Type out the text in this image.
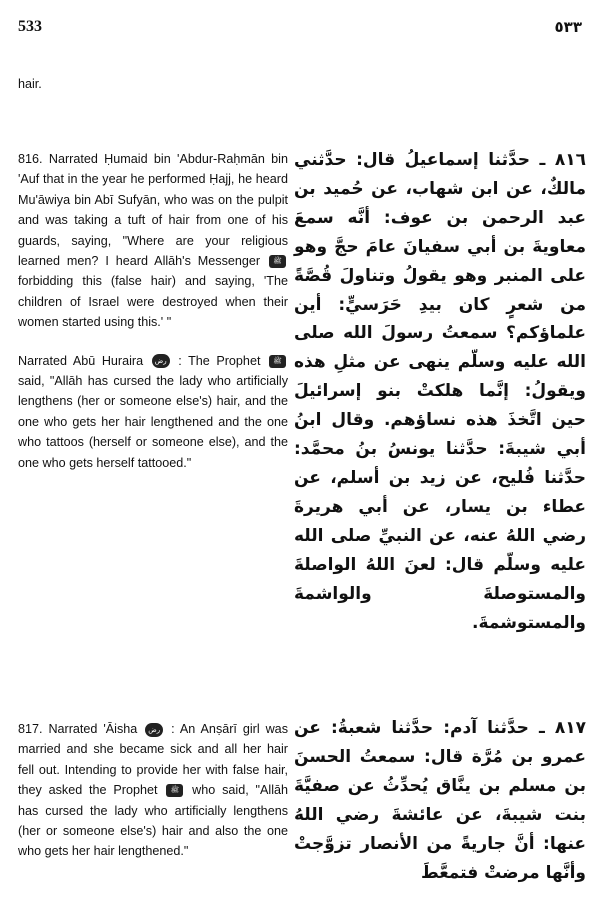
533	٥٣٣

hair.

816. Narrated Ḥumaid bin 'Abdur-Raḥmān bin 'Auf that in the year he performed Ḥajj, he heard Mu'āwiya bin Abī Sufyān, who was on the pulpit and was taking a tuft of hair from one of his guards, saying, "Where are your religious learned men? I heard Allāh's Messenger ﷺ forbidding this (false hair) and saying, 'The children of Israel were destroyed when their women started using this.' "

Narrated Abū Huraira رض : The Prophet ﷺ said, "Allāh has cursed the lady who artificially lengthens (her or someone else's) hair, and the one who gets her hair lengthened and the one who tattoos (herself or someone else), and the one who gets herself tattooed."

817. Narrated 'Āisha رض : An Anṣārī girl was married and she became sick and all her hair fell out. Intending to provide her with false hair, they asked the Prophet ﷺ who said, "Allāh has cursed the lady who artificially lengthens (her or someone else's) hair and also the one who gets her hair lengthened."

٨١٦ ـ حدَّثنا إسماعيلُ قال: حدَّثني مالكٌ، عن ابن شهاب، عن حُميد بن عبد الرحمن بن عوف: أنَّه سمعَ معاويةَ بن أبي سفيانَ عامَ حجَّ وهو على المنبر وهو يقولُ وتناولَ قُصَّةً من شعرٍ كان بيدِ حَرَسيٍّ: أين علماؤكم؟ سمعتُ رسولَ الله صلى الله عليه وسلّم ينهى عن مثلِ هذه ويقولُ: إنَّما هلكتْ بنو إسرائيلَ حين اتَّخذَ هذه نساؤهم. وقال ابنُ أبي شيبةَ: حدَّثنا يونسُ بنُ محمَّد: حدَّثنا فُليح، عن زيد بن أسلم، عن عطاء بن يسار، عن أبي هريرةَ رضي اللهُ عنه، عن النبيِّ صلى الله عليه وسلّم قال: لعنَ اللهُ الواصلةَ والمستوصلةَ والواشمةَ والمستوشمةَ.

٨١٧ ـ حدَّثنا آدم: حدَّثنا شعبةُ: عن عمرو بن مُرَّة قال: سمعتُ الحسنَ بن مسلم بن ينَّاق يُحدِّثُ عن صفيَّةَ بنت شيبةَ، عن عائشةَ رضي اللهُ عنها: أنَّ جاريةً من الأنصار تزوَّجتْ وأنَّها مرضتْ فتمعَّطَ
